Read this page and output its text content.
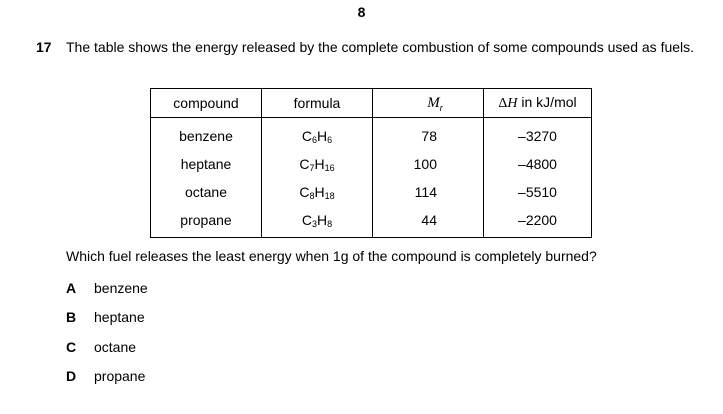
8
17 The table shows the energy released by the complete combustion of some compounds used as fuels.
compound	formula	$M_r$	ΔH in kJ/mol
benzene	$C_6H_6$	78	–3270
heptane	$C_7H_{16}$	100	–4800
octane	$C_8H_{18}$	114	–5510
propane	$C_3H_8$	44	–2200
Which fuel releases the least energy when 1g of the compound is completely burned?
A benzene
B heptane
C octane
D propane
